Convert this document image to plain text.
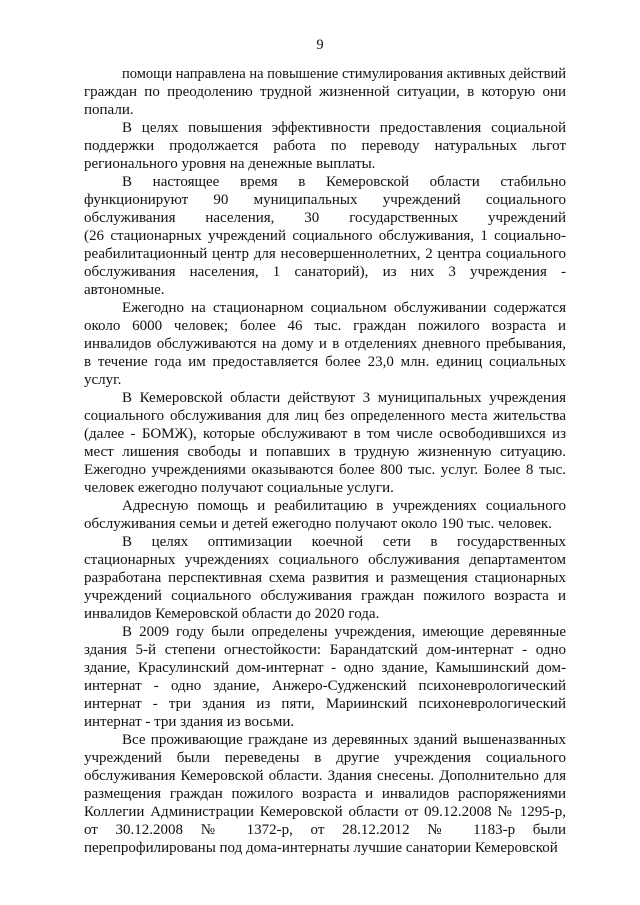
9
помощи направлена на повышение стимулирования активных действий
граждан по преодолению трудной жизненной ситуации, в которую они
попали.
В целях повышения эффективности предоставления социальной
поддержки продолжается работа по переводу натуральных льгот
регионального уровня на денежные выплаты.
В настоящее время в Кемеровской области стабильно
функционируют 90 муниципальных учреждений социального
обслуживания населения, 30 государственных учреждений
(26 стационарных учреждений социального обслуживания, 1 социально-
реабилитационный центр для несовершеннолетних, 2 центра социального
обслуживания населения, 1 санаторий), из них 3 учреждения -
автономные.
Ежегодно на стационарном социальном обслуживании содержатся
около 6000 человек; более 46 тыс. граждан пожилого возраста и
инвалидов обслуживаются на дому и в отделениях дневного пребывания,
в течение года им предоставляется более 23,0 млн. единиц социальных
услуг.
В Кемеровской области действуют 3 муниципальных учреждения
социального обслуживания для лиц без определенного места жительства
(далее - БОМЖ), которые обслуживают в том числе освободившихся из
мест лишения свободы и попавших в трудную жизненную ситуацию.
Ежегодно учреждениями оказываются более 800 тыс. услуг. Более 8 тыс.
человек ежегодно получают социальные услуги.
Адресную помощь и реабилитацию в учреждениях социального
обслуживания семьи и детей ежегодно получают около 190 тыс. человек.
В целях оптимизации коечной сети в государственных
стационарных учреждениях социального обслуживания департаментом
разработана перспективная схема развития и размещения стационарных
учреждений социального обслуживания граждан пожилого возраста и
инвалидов Кемеровской области до 2020 года.
В 2009 году были определены учреждения, имеющие деревянные
здания 5-й степени огнестойкости: Барандатский дом-интернат - одно
здание, Красулинский дом-интернат - одно здание, Камышинский дом-
интернат - одно здание, Анжеро-Судженский психоневрологический
интернат - три здания из пяти, Мариинский психоневрологический
интернат - три здания из восьми.
Все проживающие граждане из деревянных зданий вышеназванных
учреждений были переведены в другие учреждения социального
обслуживания Кемеровской области. Здания снесены. Дополнительно для
размещения граждан пожилого возраста и инвалидов распоряжениями
Коллегии Администрации Кемеровской области от 09.12.2008 № 1295-р,
от 30.12.2008 № 1372-р, от 28.12.2012 № 1183-р были
перепрофилированы под дома-интернаты лучшие санатории Кемеровской
